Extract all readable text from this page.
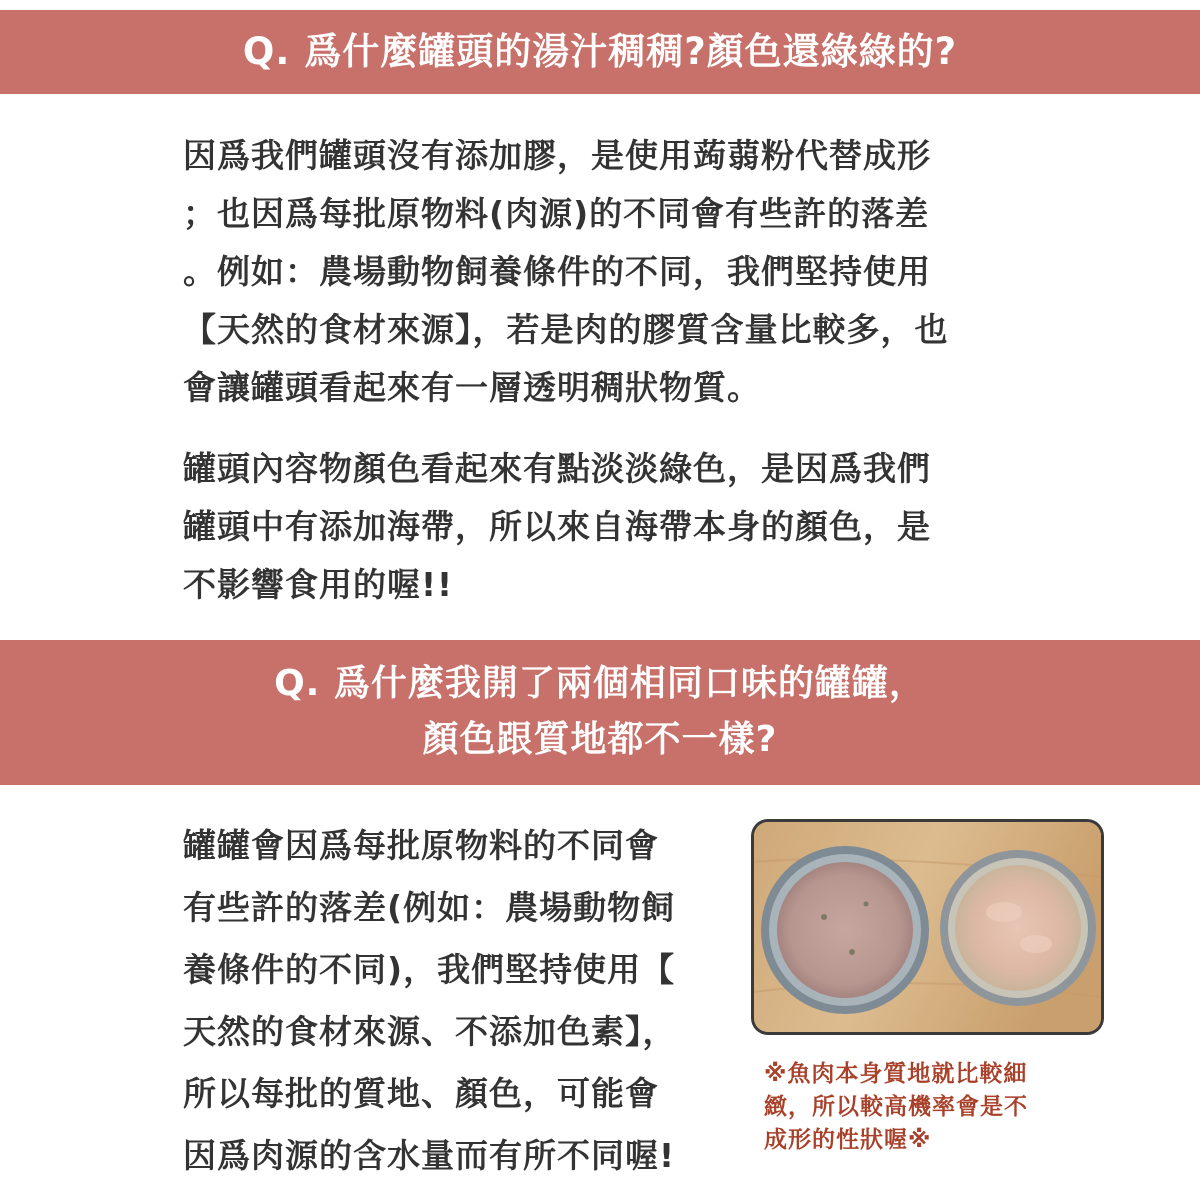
Q. 爲什麼罐頭的湯汁稠稠?顏色還綠綠的?
因爲我們罐頭沒有添加膠，是使用蒟蒻粉代替成形
；也因爲每批原物料(肉源)的不同會有些許的落差
。例如：農場動物飼養條件的不同，我們堅持使用
【天然的食材來源】，若是肉的膠質含量比較多，也
會讓罐頭看起來有一層透明稠狀物質。
罐頭內容物顏色看起來有點淡淡綠色，是因爲我們
罐頭中有添加海帶，所以來自海帶本身的顏色，是
不影響食用的喔!!
Q. 爲什麼我開了兩個相同口味的罐罐，
顏色跟質地都不一樣?
罐罐會因爲每批原物料的不同會
有些許的落差(例如：農場動物飼
養條件的不同)，我們堅持使用【
天然的食材來源、不添加色素】，
所以每批的質地、顏色，可能會
因爲肉源的含水量而有所不同喔!
※魚肉本身質地就比較細
緻，所以較高機率會是不
成形的性狀喔※
